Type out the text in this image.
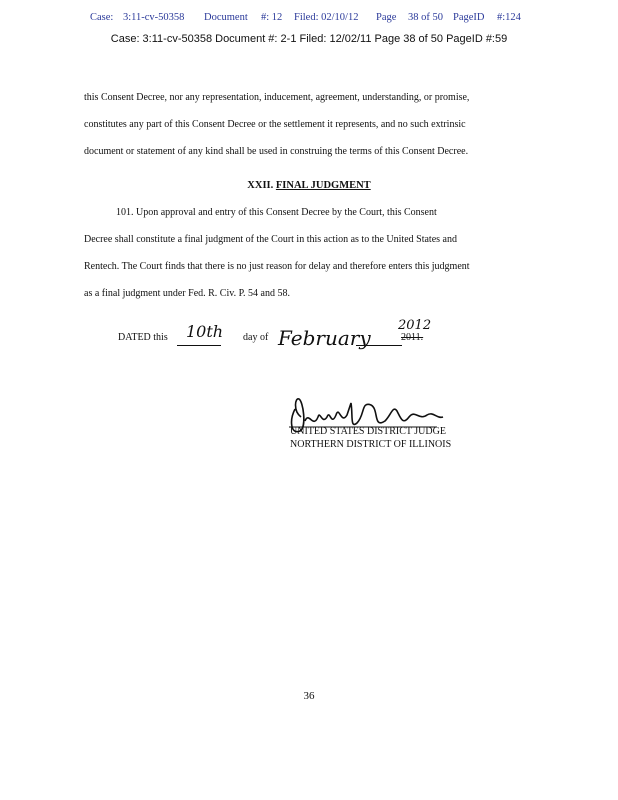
Case: 3:11-cv-50358 Document #: 12 Filed: 02/10/12 Page 38 of 50 PageID #:124
Case: 3:11-cv-50358 Document #: 2-1 Filed: 12/02/11 Page 38 of 50 PageID #:59
this Consent Decree, nor any representation, inducement, agreement, understanding, or promise,
constitutes any part of this Consent Decree or the settlement it represents, and no such extrinsic
document or statement of any kind shall be used in construing the terms of this Consent Decree.
XXII. FINAL JUDGMENT
101. Upon approval and entry of this Consent Decree by the Court, this Consent
Decree shall constitute a final judgment of the Court in this action as to the United States and
Rentech. The Court finds that there is no just reason for delay and therefore enters this judgment
as a final judgment under Fed. R. Civ. P. 54 and 58.
DATED this 10th day of February
2012
2011.
UNITED STATES DISTRICT JUDGE
NORTHERN DISTRICT OF ILLINOIS
36
